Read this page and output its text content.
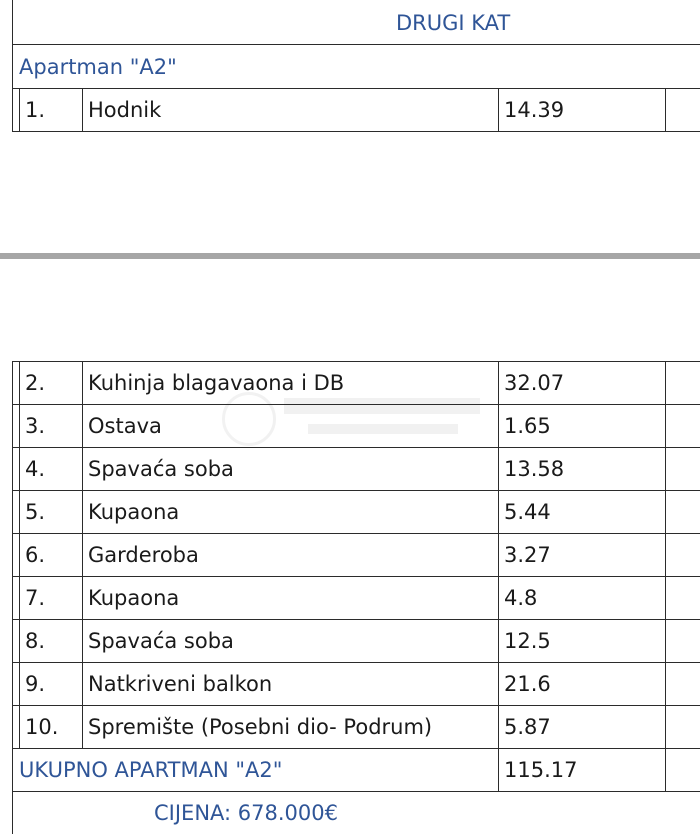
DRUGI KAT
Apartman "A2"
1. Hodnik	14.39
2. Kuhinja blagavaona i DB	32.07
3. Ostava	1.65
4. Spavaća soba	13.58
5. Kupaona	5.44
6. Garderoba	3.27
7. Kupaona	4.8
8. Spavaća soba	12.5
9. Natkriveni balkon	21.6
10. Spremište (Posebni dio- Podrum)	5.87
UKUPNO APARTMAN "A2"	115.17
CIJENA: 678.000€
